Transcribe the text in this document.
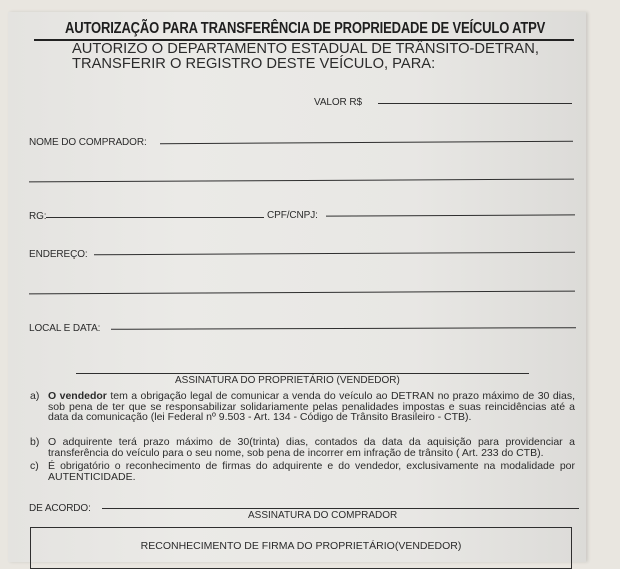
AUTORIZAÇÃO PARA TRANSFERÊNCIA DE PROPRIEDADE DE VEÍCULO ATPV
AUTORIZO O DEPARTAMENTO ESTADUAL DE TRÂNSITO-DETRAN,
TRANSFERIR O REGISTRO DESTE VEÍCULO, PARA:
VALOR R$
NOME DO COMPRADOR:
RG:	CPF/CNPJ:
ENDEREÇO:
LOCAL E DATA:
ASSINATURA DO PROPRIETÁRIO (VENDEDOR)
a) O vendedor tem a obrigação legal de comunicar a venda do veículo ao DETRAN no prazo máximo de 30 dias, sob pena de ter que se responsabilizar solidariamente pelas penalidades impostas e suas reincidências até a data da comunicação (lei Federal nº 9.503 - Art. 134 - Código de Trânsito Brasileiro - CTB).
b) O adquirente terá prazo máximo de 30(trinta) dias, contados da data da aquisição para providenciar a transferência do veículo para o seu nome, sob pena de incorrer em infração de trânsito ( Art. 233 do CTB).
c) É obrigatório o reconhecimento de firmas do adquirente e do vendedor, exclusivamente na modalidade por AUTENTICIDADE.
DE ACORDO:
ASSINATURA DO COMPRADOR
RECONHECIMENTO DE FIRMA DO PROPRIETÁRIO(VENDEDOR)
